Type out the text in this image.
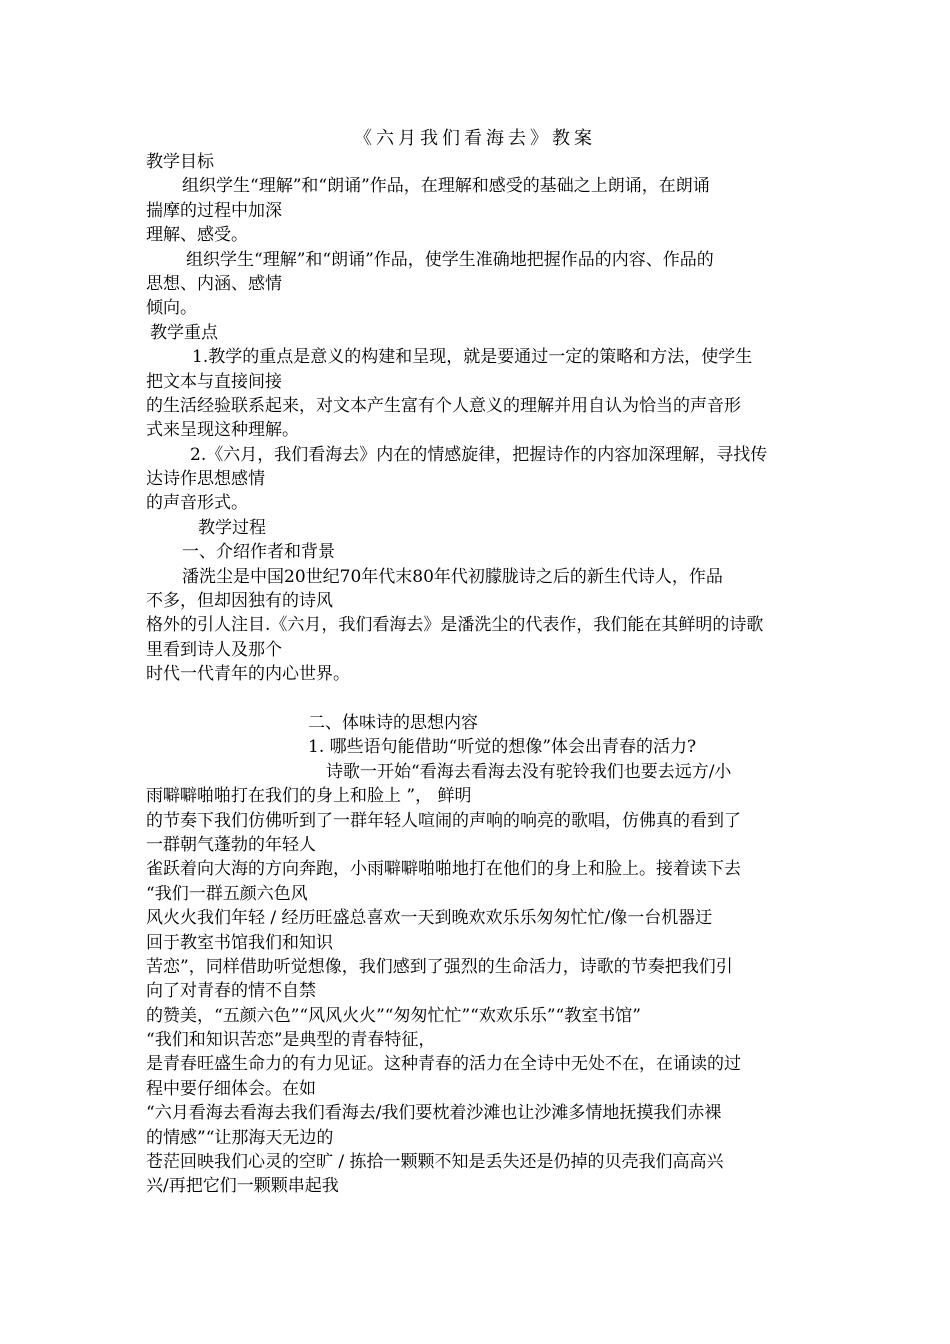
《六月我们看海去》教案
教学目标
组织学生“理解”和“朗诵”作品，在理解和感受的基础之上朗诵，在朗诵
揣摩的过程中加深
理解、感受。
组织学生“理解”和“朗诵”作品，使学生准确地把握作品的内容、作品的
思想、内涵、感情
倾向。
教学重点
1.教学的重点是意义的构建和呈现，就是要通过一定的策略和方法，使学生
把文本与直接间接
的生活经验联系起来，对文本产生富有个人意义的理解并用自认为恰当的声音形
式来呈现这种理解。
2.《六月，我们看海去》内在的情感旋律，把握诗作的内容加深理解，寻找传
达诗作思想感情
的声音形式。
教学过程
一、介绍作者和背景
潘洗尘是中国20世纪70年代末80年代初朦胧诗之后的新生代诗人，作品
不多，但却因独有的诗风
格外的引人注目.《六月，我们看海去》是潘洗尘的代表作，我们能在其鲜明的诗歌
里看到诗人及那个
时代一代青年的内心世界。
二、体味诗的思想内容
1. 哪些语句能借助“听觉的想像”体会出青春的活力?
诗歌一开始“看海去看海去没有驼铃我们也要去远方/小
雨噼噼啪啪打在我们的身上和脸上 ”， 鲜明
的节奏下我们仿佛听到了一群年轻人喧闹的声响的响亮的歌唱，仿佛真的看到了
一群朝气蓬勃的年轻人
雀跃着向大海的方向奔跑，小雨噼噼啪啪地打在他们的身上和脸上。接着读下去
“我们一群五颜六色风
风火火我们年轻 / 经历旺盛总喜欢一天到晚欢欢乐乐匆匆忙忙/像一台机器迂
回于教室书馆我们和知识
苦恋”，同样借助听觉想像，我们感到了强烈的生命活力，诗歌的节奏把我们引
向了对青春的情不自禁
的赞美，“五颜六色”“风风火火”“匆匆忙忙”“欢欢乐乐”“教室书馆”
“我们和知识苦恋”是典型的青春特征，
是青春旺盛生命力的有力见证。这种青春的活力在全诗中无处不在，在诵读的过
程中要仔细体会。在如
“六月看海去看海去我们看海去/我们要枕着沙滩也让沙滩多情地抚摸我们赤裸
的情感”“让那海天无边的
苍茫回映我们心灵的空旷 / 拣拾一颗颗不知是丢失还是仍掉的贝壳我们高高兴
兴/再把它们一颗颗串起我
